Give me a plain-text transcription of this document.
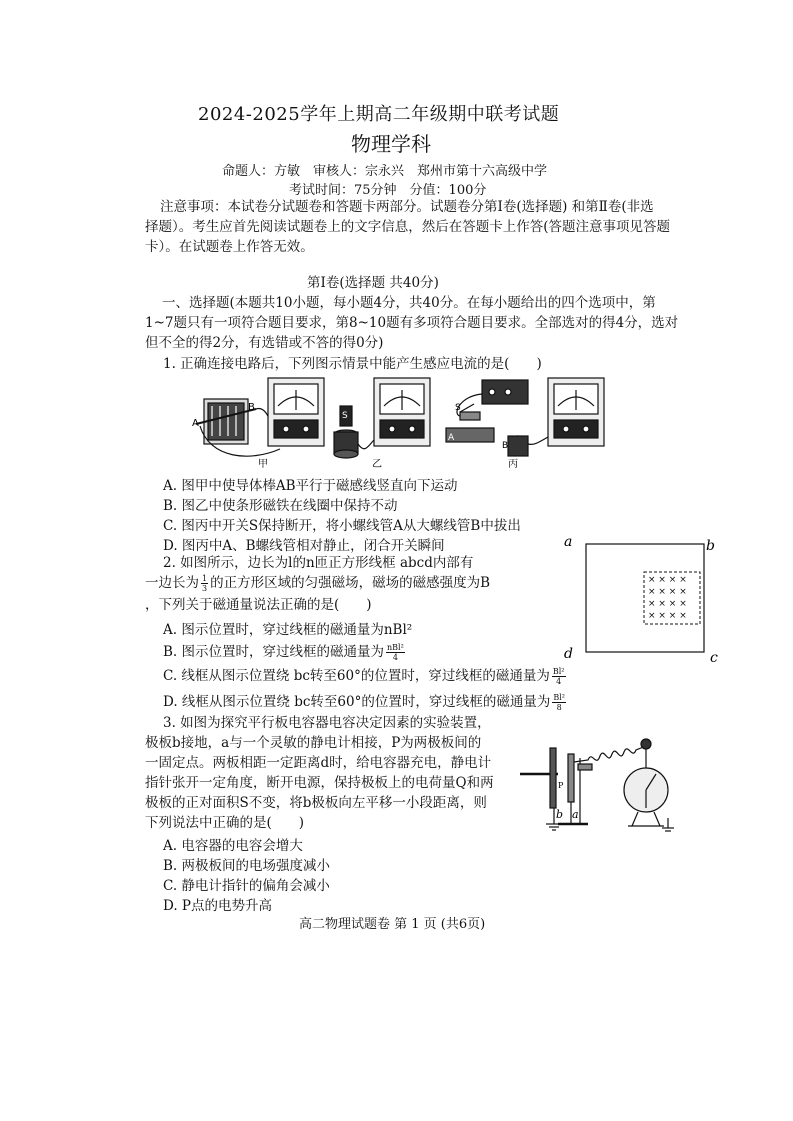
2024-2025学年上期高二年级期中联考试题
物理学科
命题人：方敏　审核人：宗永兴　郑州市第十六高级中学
考试时间：75分钟　分值：100分
注意事项：本试卷分试题卷和答题卡两部分。试题卷分第Ⅰ卷(选择题) 和第Ⅱ卷(非选
择题）。考生应首先阅读试题卷上的文字信息，然后在答题卡上作答(答题注意事项见答题
卡）。在试题卷上作答无效。
第Ⅰ卷(选择题 共40分)
一、选择题(本题共10小题，每小题4分，共40分。在每小题给出的四个选项中，第
1~7题只有一项符合题目要求，第8~10题有多项符合题目要求。全部选对的得4分，选对
但不全的得2分，有选错或不答的得0分)
1. 正确连接电路后，下列图示情景中能产生感应电流的是(　　)
A
B
甲
S
乙
S
A
B
丙
A. 图甲中使导体棒AB平行于磁感线竖直向下运动
B. 图乙中使条形磁铁在线圈中保持不动
C. 图丙中开关S保持断开，将小螺线管A从大螺线管B中拔出
D. 图丙中A、B螺线管相对静止，闭合开关瞬间
2. 如图所示，边长为l的n匝正方形线框 abcd内部有
一边长为 $\frac{1}{3}$ 的正方形区域的匀强磁场，磁场的磁感强度为B
，下列关于磁通量说法正确的是(　　)
A. 图示位置时，穿过线框的磁通量为nBl²
B. 图示位置时，穿过线框的磁通量为 $\frac{\text{nBl²}}{4}$
C. 线框从图示位置绕 bc转至60°的位置时，穿过线框的磁通量为 $\frac{\text{Bl²}}{4}$
D. 线框从图示位置绕 bc转至60°的位置时，穿过线框的磁通量为 $\frac{\text{Bl²}}{8}$
× × × ×
× × × ×
× × × ×
× × × ×
a	b
c
d
3. 如图为探究平行板电容器电容决定因素的实验装置，
极板b接地，a与一个灵敏的静电计相接，P为两极板间的
一固定点。两板相距一定距离d时，给电容器充电，静电计
指针张开一定角度，断开电源，保持极板上的电荷量Q和两
极板的正对面积S不变，将b极板向左平移一小段距离，则
下列说法中正确的是(　　)
A. 电容器的电容会增大
B. 两极板间的电场强度减小
C. 静电计指针的偏角会减小
D. P点的电势升高
b a
P
高二物理试题卷 第 1 页 (共6页)
